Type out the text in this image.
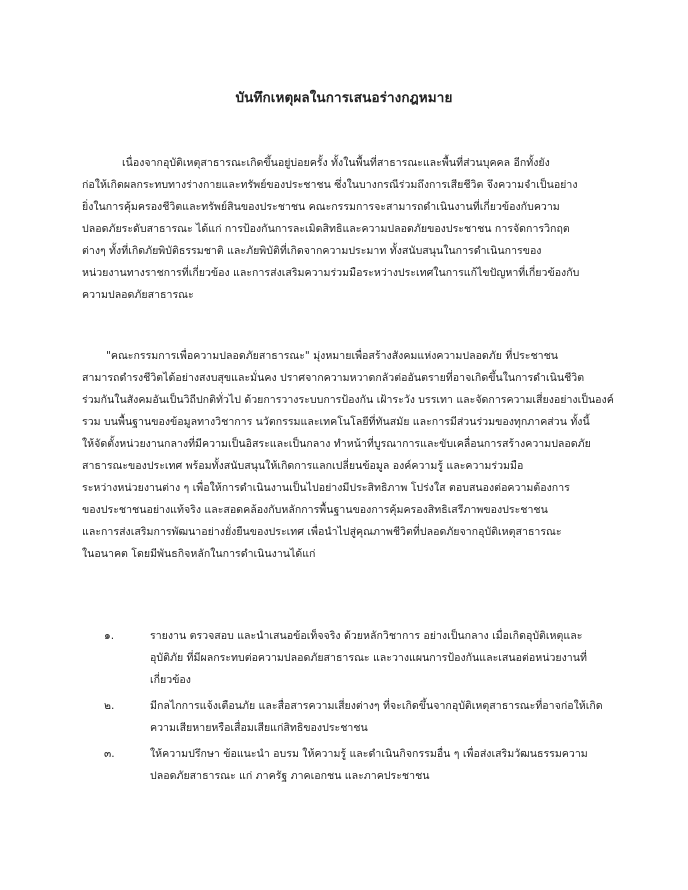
บันทึกเหตุผลในการเสนอร่างกฎหมาย
เนื่องจากอุบัติเหตุสาธารณะเกิดขึ้นอยู่บ่อยครั้ง ทั้งในพื้นที่สาธารณะและพื้นที่ส่วนบุคคล อีกทั้งยัง
ก่อให้เกิดผลกระทบทางร่างกายและทรัพย์ของประชาชน ซึ่งในบางกรณีร่วมถึงการเสียชีวิต จึงความจำเป็นอย่าง
ยิ่งในการคุ้มครองชีวิตและทรัพย์สินของประชาชน คณะกรรมการจะสามารถดำเนินงานที่เกี่ยวข้องกับความ
ปลอดภัยระดับสาธารณะ ได้แก่ การป้องกันการละเมิดสิทธิและความปลอดภัยของประชาชน การจัดการวิกฤต
ต่างๆ ทั้งที่เกิดภัยพิบัติธรรมชาติ และภัยพิบัติที่เกิดจากความประมาท ทั้งสนับสนุนในการดำเนินการของ
หน่วยงานทางราชการที่เกี่ยวข้อง และการส่งเสริมความร่วมมือระหว่างประเทศในการแก้ไขปัญหาที่เกี่ยวข้องกับ
ความปลอดภัยสาธารณะ
"คณะกรรมการเพื่อความปลอดภัยสาธารณะ" มุ่งหมายเพื่อสร้างสังคมแห่งความปลอดภัย ที่ประชาชน
สามารถดำรงชีวิตได้อย่างสงบสุขและมั่นคง ปราศจากความหวาดกลัวต่ออันตรายที่อาจเกิดขึ้นในการดำเนินชีวิต
ร่วมกันในสังคมอันเป็นวิถีปกติทั่วไป ด้วยการวางระบบการป้องกัน เฝ้าระวัง บรรเทา และจัดการความเสี่ยงอย่างเป็นองค์
รวม บนพื้นฐานของข้อมูลทางวิชาการ นวัตกรรมและเทคโนโลยีที่ทันสมัย และการมีส่วนร่วมของทุกภาคส่วน ทั้งนี้
ให้จัดตั้งหน่วยงานกลางที่มีความเป็นอิสระและเป็นกลาง ทำหน้าที่บูรณาการและขับเคลื่อนการสร้างความปลอดภัย
สาธารณะของประเทศ พร้อมทั้งสนับสนุนให้เกิดการแลกเปลี่ยนข้อมูล องค์ความรู้ และความร่วมมือ
ระหว่างหน่วยงานต่าง ๆ เพื่อให้การดำเนินงานเป็นไปอย่างมีประสิทธิภาพ โปร่งใส ตอบสนองต่อความต้องการ
ของประชาชนอย่างแท้จริง และสอดคล้องกับหลักการพื้นฐานของการคุ้มครองสิทธิเสรีภาพของประชาชน
และการส่งเสริมการพัฒนาอย่างยั่งยืนของประเทศ เพื่อนำไปสู่คุณภาพชีวิตที่ปลอดภัยจากอุบัติเหตุสาธารณะ
ในอนาคต โดยมีพันธกิจหลักในการดำเนินงานได้แก่
๑.	รายงาน ตรวจสอบ และนำเสนอข้อเท็จจริง ด้วยหลักวิชาการ อย่างเป็นกลาง เมื่อเกิดอุบัติเหตุและ
อุบัติภัย ที่มีผลกระทบต่อความปลอดภัยสาธารณะ และวางแผนการป้องกันและเสนอต่อหน่วยงานที่
เกี่ยวข้อง
๒.	มีกลไกการแจ้งเตือนภัย และสื่อสารความเสี่ยงต่างๆ ที่จะเกิดขึ้นจากอุบัติเหตุสาธารณะที่อาจก่อให้เกิด
ความเสียหายหรือเสื่อมเสียแก่สิทธิของประชาชน
๓.	ให้ความปรึกษา ข้อแนะนำ อบรม ให้ความรู้ และดำเนินกิจกรรมอื่น ๆ เพื่อส่งเสริมวัฒนธรรมความ
ปลอดภัยสาธารณะ แก่ ภาครัฐ ภาคเอกชน และภาคประชาชน
